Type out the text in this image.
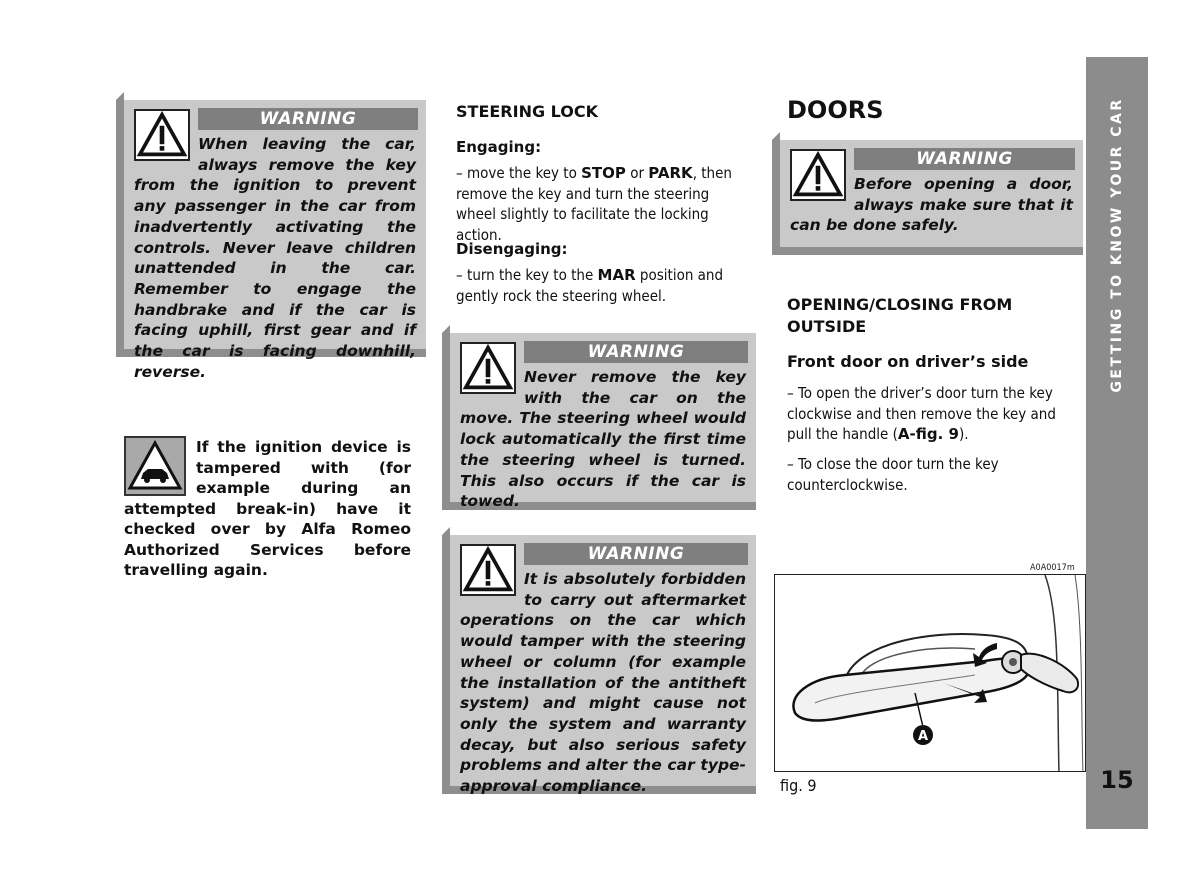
WARNING

When leaving the car, always remove the key from the ignition to prevent any passenger in the car from inadvertently activating the controls. Never leave children unattended in the car. Remember to engage the handbrake and if the car is facing uphill, first gear and if the car is facing downhill, reverse.

If the ignition device is tampered with (for example during an attempted break-in) have it checked over by Alfa Romeo Authorized Services before travelling again.

STEERING LOCK
Engaging:

– move the key to STOP or PARK, then remove the key and turn the steering wheel slightly to facilitate the locking action.

Disengaging:

– turn the key to the MAR position and gently rock the steering wheel.

WARNING

Never remove the key with the car on the move. The steering wheel would lock automatically the first time the steering wheel is turned. This also occurs if the car is towed.

WARNING

It is absolutely forbidden to carry out aftermarket operations on the car which would tamper with the steering wheel or column (for example the installation of the antitheft system) and might cause not only the system and warranty decay, but also serious safety problems and alter the car type-approval compliance.

DOORS
WARNING

Before opening a door, always make sure that it can be done safely.

OPENING/CLOSING FROM OUTSIDE
Front door on driver’s side

– To open the driver’s door turn the key clockwise and then remove the key and pull the handle (A-fig. 9).

– To close the door turn the key counterclockwise.

A0A0017m
A
fig. 9
GETTING TO KNOW YOUR CAR
15
